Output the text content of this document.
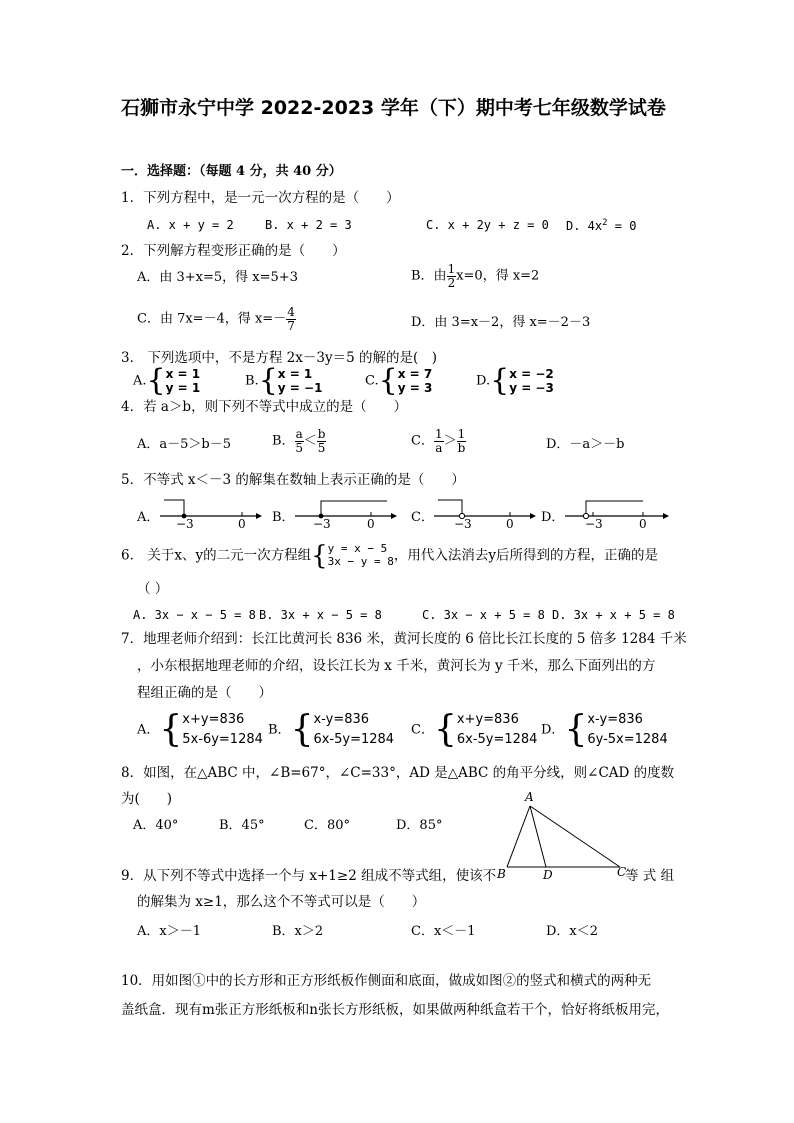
石狮市永宁中学 2022-2023 学年（下）期中考七年级数学试卷
一．选择题：（每题 4 分，共 40 分）
1．下列方程中，是一元一次方程的是（　　）
A. x + y = 2	B. x + 2 = 3	C. x + 2y + z = 0 D. $4x^2 = 0$
2．下列解方程变形正确的是（　　）
A．由 3+x=5，得 x=5+3	B．由 $\frac{1}{2} x=0$，得 x=2
C．由 7x=－4，得 $x=- \frac{4}{7}$	D．由 3=x－2，得 x=－2－3
3． 下列选项中，不是方程 2x－3y＝5 的解的是(　)
A.{ x = 1
y = 1	B.{ x = 1
y = −1	C.{ x = 7
y = 3	D.{ x = −2
y = −3
4．若 a＞b，则下列不等式中成立的是（　　）
A．a－5＞b－5	B． $\frac{a}{5} < \frac{b}{5}$	C． $\frac{1}{a} > \frac{1}{b}$	D．－a＞－b
5．不等式 x＜－3 的解集在数轴上表示正确的是（　　）
A． −3	0 B． −3	0	C． −3	0 D． −3	0
6． 关于x、y的二元一次方程组{ y = x − 5
3x − y = 8 ，用代入法消去y后所得到的方程，正确的是
（ ）
A. 3x − x − 5 = 8 B. 3x + x − 5 = 8	C. 3x − x + 5 = 8 D. 3x + x + 5 = 8
7．地理老师介绍到：长江比黄河长 836 米，黄河长度的 6 倍比长江长度的 5 倍多 1284 千米
，小东根据地理老师的介绍，设长江长为 x 千米，黄河长为 y 千米，那么下面列出的方
程组正确的是（　　）
A．{ x+y=836
5x-6y=1284
B．{ x-y=836
6x-5y=1284
C．{ x+y=836
6x-5y=1284
D．{ x-y=836
6y-5x=1284
8．如图，在△ABC 中，∠B=67°，∠C=33°，AD 是△ABC 的角平分线，则∠CAD 的度数
为(　　)
A．40°	B．45°	C．80°	D．85°
A
B	C
D
9．从下列不等式中选择一个与 x+1≥2 组成不等式组，使该不	等 式 组
的解集为 x≥1，那么这个不等式可以是（　　）
A．x＞－1	B．x＞2	C．x＜－1	D．x＜2
10．用如图①中的长方形和正方形纸板作侧面和底面，做成如图②的竖式和横式的两种无
盖纸盒．现有m张正方形纸板和n张长方形纸板，如果做两种纸盒若干个，恰好将纸板用完，
